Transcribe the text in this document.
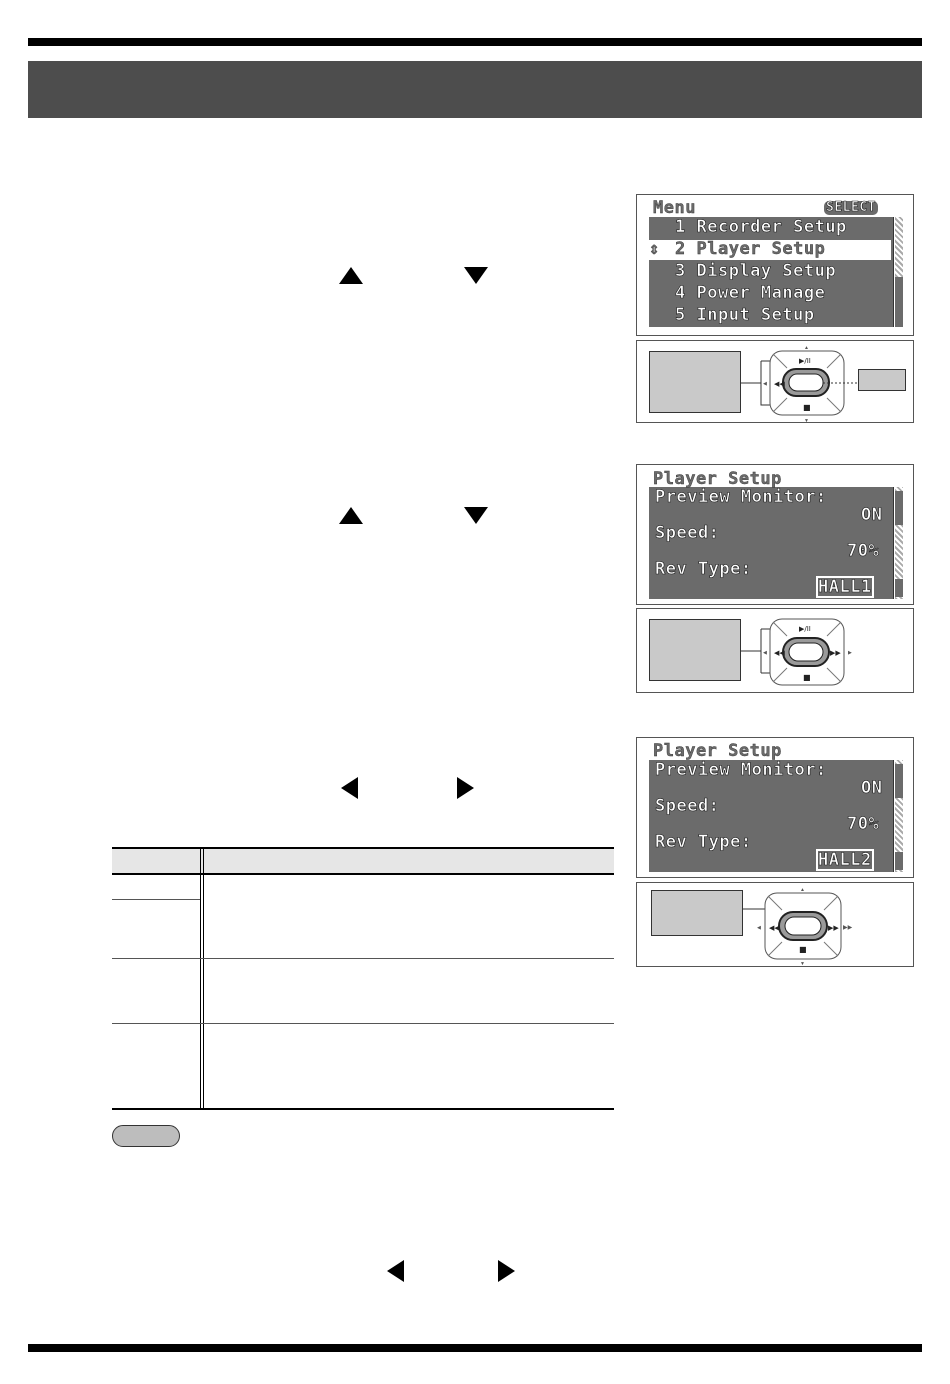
Menu	SELECT
1 Recorder Setup
⇕ 2 Player Setup
3 Display Setup
4 Power Manage
5 Input Setup
▶/II
■
◀◀
▲
▼
◀
Player Setup
Preview Monitor:
ON
Speed:
70%
Rev Type:
HALL1
▶/II
■
◀◀	▶▶
◀	▶
Player Setup
Preview Monitor:
ON
Speed:
70%
Rev Type:
HALL2
■
◀◀	▶▶
◀	▶▶
▲
▼
